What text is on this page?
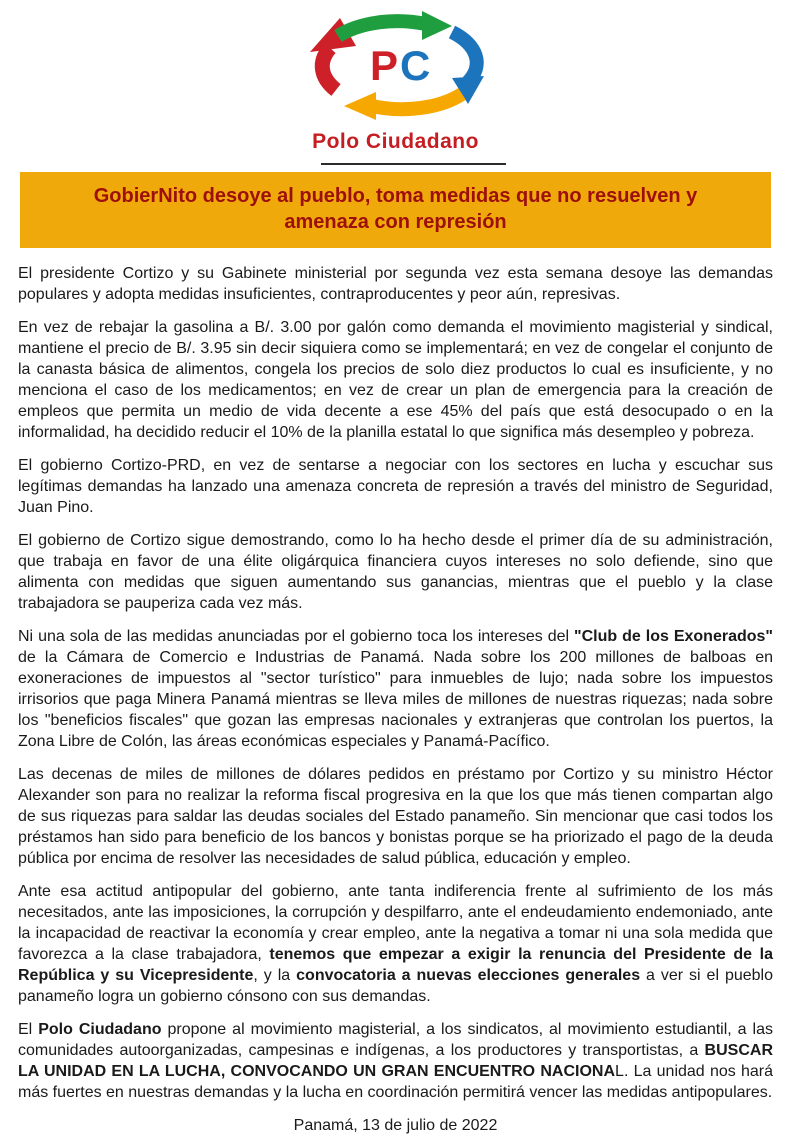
P C
Polo Ciudadano
GobierNito desoye al pueblo, toma medidas que no resuelven y
amenaza con represión

El presidente Cortizo y su Gabinete ministerial por segunda vez esta semana desoye las demandas populares y adopta medidas insuficientes, contraproducentes y peor aún, represivas.

En vez de rebajar la gasolina a B/. 3.00 por galón como demanda el movimiento magisterial y sindical, mantiene el precio de B/. 3.95 sin decir siquiera como se implementará; en vez de congelar el conjunto de la canasta básica de alimentos, congela los precios de solo diez productos lo cual es insuficiente, y no menciona el caso de los medicamentos; en vez de crear un plan de emergencia para la creación de empleos que permita un medio de vida decente a ese 45% del país que está desocupado o en la informalidad, ha decidido reducir el 10% de la planilla estatal lo que significa más desempleo y pobreza.

El gobierno Cortizo-PRD, en vez de sentarse a negociar con los sectores en lucha y escuchar sus legítimas demandas ha lanzado una amenaza concreta de represión a través del ministro de Seguridad, Juan Pino.

El gobierno de Cortizo sigue demostrando, como lo ha hecho desde el primer día de su administración, que trabaja en favor de una élite oligárquica financiera cuyos intereses no solo defiende, sino que alimenta con medidas que siguen aumentando sus ganancias, mientras que el pueblo y la clase trabajadora se pauperiza cada vez más.

Ni una sola de las medidas anunciadas por el gobierno toca los intereses del "Club de los Exonerados" de la Cámara de Comercio e Industrias de Panamá. Nada sobre los 200 millones de balboas en exoneraciones de impuestos al "sector turístico" para inmuebles de lujo; nada sobre los impuestos irrisorios que paga Minera Panamá mientras se lleva miles de millones de nuestras riquezas; nada sobre los "beneficios fiscales" que gozan las empresas nacionales y extranjeras que controlan los puertos, la Zona Libre de Colón, las áreas económicas especiales y Panamá-Pacífico.

Las decenas de miles de millones de dólares pedidos en préstamo por Cortizo y su ministro Héctor Alexander son para no realizar la reforma fiscal progresiva en la que los que más tienen compartan algo de sus riquezas para saldar las deudas sociales del Estado panameño. Sin mencionar que casi todos los préstamos han sido para beneficio de los bancos y bonistas porque se ha priorizado el pago de la deuda pública por encima de resolver las necesidades de salud pública, educación y empleo.

Ante esa actitud antipopular del gobierno, ante tanta indiferencia frente al sufrimiento de los más necesitados, ante las imposiciones, la corrupción y despilfarro, ante el endeudamiento endemoniado, ante la incapacidad de reactivar la economía y crear empleo, ante la negativa a tomar ni una sola medida que favorezca a la clase trabajadora, tenemos que empezar a exigir la renuncia del Presidente de la República y su Vicepresidente, y la convocatoria a nuevas elecciones generales a ver si el pueblo panameño logra un gobierno cónsono con sus demandas.

El Polo Ciudadano propone al movimiento magisterial, a los sindicatos, al movimiento estudiantil, a las comunidades autoorganizadas, campesinas e indígenas, a los productores y transportistas, a BUSCAR LA UNIDAD EN LA LUCHA, CONVOCANDO UN GRAN ENCUENTRO NACIONAL. La unidad nos hará más fuertes en nuestras demandas y la lucha en coordinación permitirá vencer las medidas antipopulares.

Panamá, 13 de julio de 2022
